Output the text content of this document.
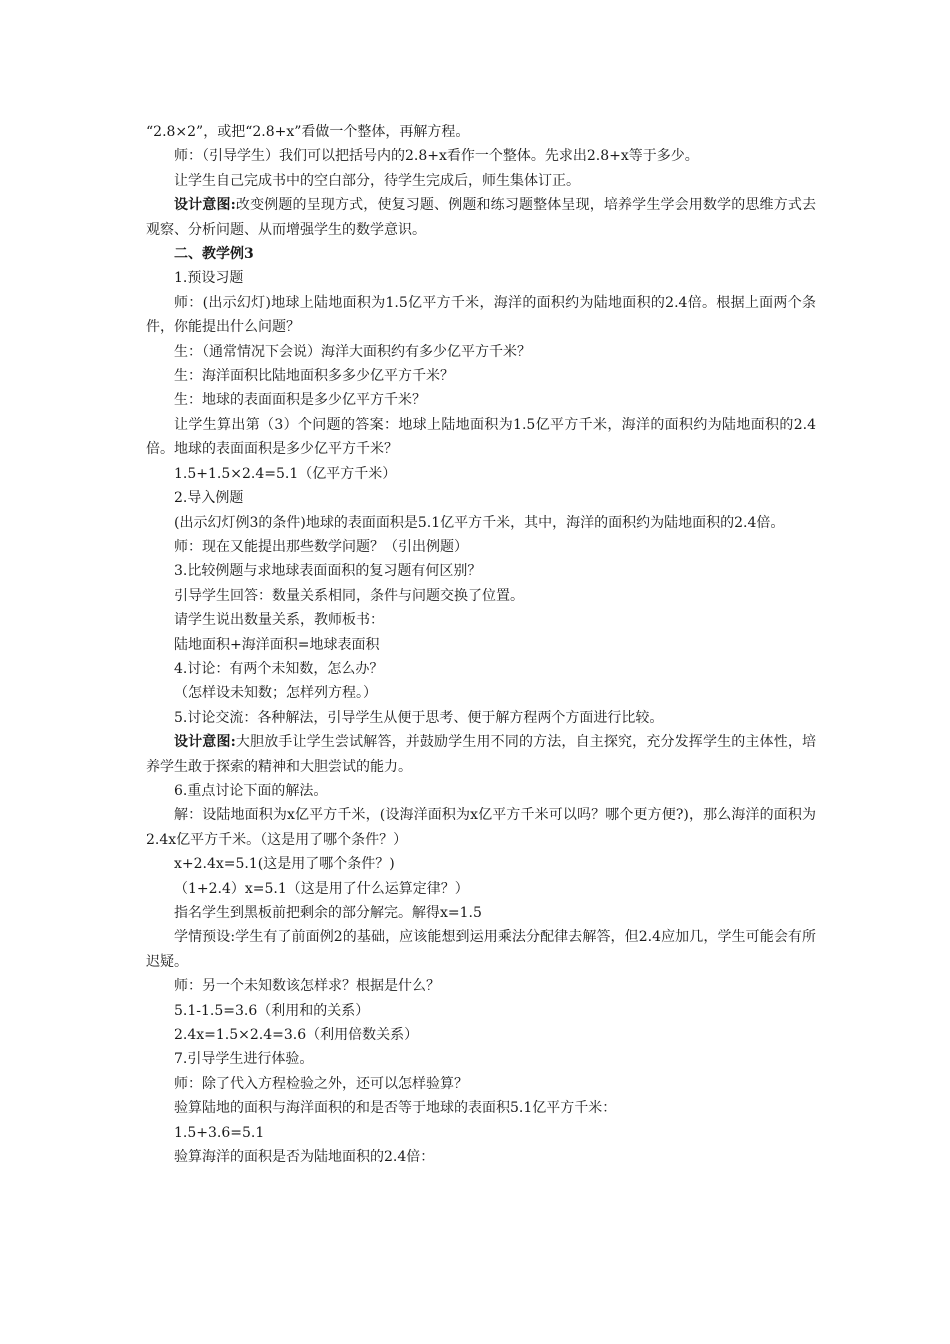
“2.8×2”，或把“2.8+x”看做一个整体，再解方程。

师：（引导学生）我们可以把括号内的2.8+x看作一个整体。先求出2.8+x等于多少。

让学生自己完成书中的空白部分，待学生完成后，师生集体订正。

设计意图:改变例题的呈现方式，使复习题、例题和练习题整体呈现，培养学生学会用数学的思维方式去观察、分析问题、从而增强学生的数学意识。

二、教学例3

1.预设习题

师：(出示幻灯)地球上陆地面积为1.5亿平方千米，海洋的面积约为陆地面积的2.4倍。根据上面两个条件，你能提出什么问题？

生：（通常情况下会说）海洋大面积约有多少亿平方千米？

生：海洋面积比陆地面积多多少亿平方千米？

生：地球的表面面积是多少亿平方千米？

让学生算出第（3）个问题的答案：地球上陆地面积为1.5亿平方千米，海洋的面积约为陆地面积的2.4倍。地球的表面面积是多少亿平方千米？

1.5+1.5×2.4=5.1（亿平方千米）

2.导入例题

(出示幻灯例3的条件)地球的表面面积是5.1亿平方千米，其中，海洋的面积约为陆地面积的2.4倍。

师：现在又能提出那些数学问题？（引出例题）

3.比较例题与求地球表面面积的复习题有何区别？

引导学生回答：数量关系相同，条件与问题交换了位置。

请学生说出数量关系，教师板书：

陆地面积+海洋面积=地球表面积

4.讨论：有两个未知数，怎么办？

（怎样设未知数；怎样列方程。）

5.讨论交流：各种解法，引导学生从便于思考、便于解方程两个方面进行比较。

设计意图:大胆放手让学生尝试解答，并鼓励学生用不同的方法，自主探究，充分发挥学生的主体性，培养学生敢于探索的精神和大胆尝试的能力。

6.重点讨论下面的解法。

解：设陆地面积为x亿平方千米，(设海洋面积为x亿平方千米可以吗？哪个更方便?)，那么海洋的面积为2.4x亿平方千米。（这是用了哪个条件？）

x+2.4x=5.1(这是用了哪个条件？)

（1+2.4）x=5.1（这是用了什么运算定律？）

指名学生到黑板前把剩余的部分解完。解得x=1.5

学情预设:学生有了前面例2的基础，应该能想到运用乘法分配律去解答，但2.4应加几，学生可能会有所迟疑。

师：另一个未知数该怎样求？根据是什么？

5.1-1.5=3.6（利用和的关系）

2.4x=1.5×2.4=3.6（利用倍数关系）

7.引导学生进行体验。

师：除了代入方程检验之外，还可以怎样验算？

验算陆地的面积与海洋面积的和是否等于地球的表面积5.1亿平方千米：

1.5+3.6=5.1

验算海洋的面积是否为陆地面积的2.4倍：
